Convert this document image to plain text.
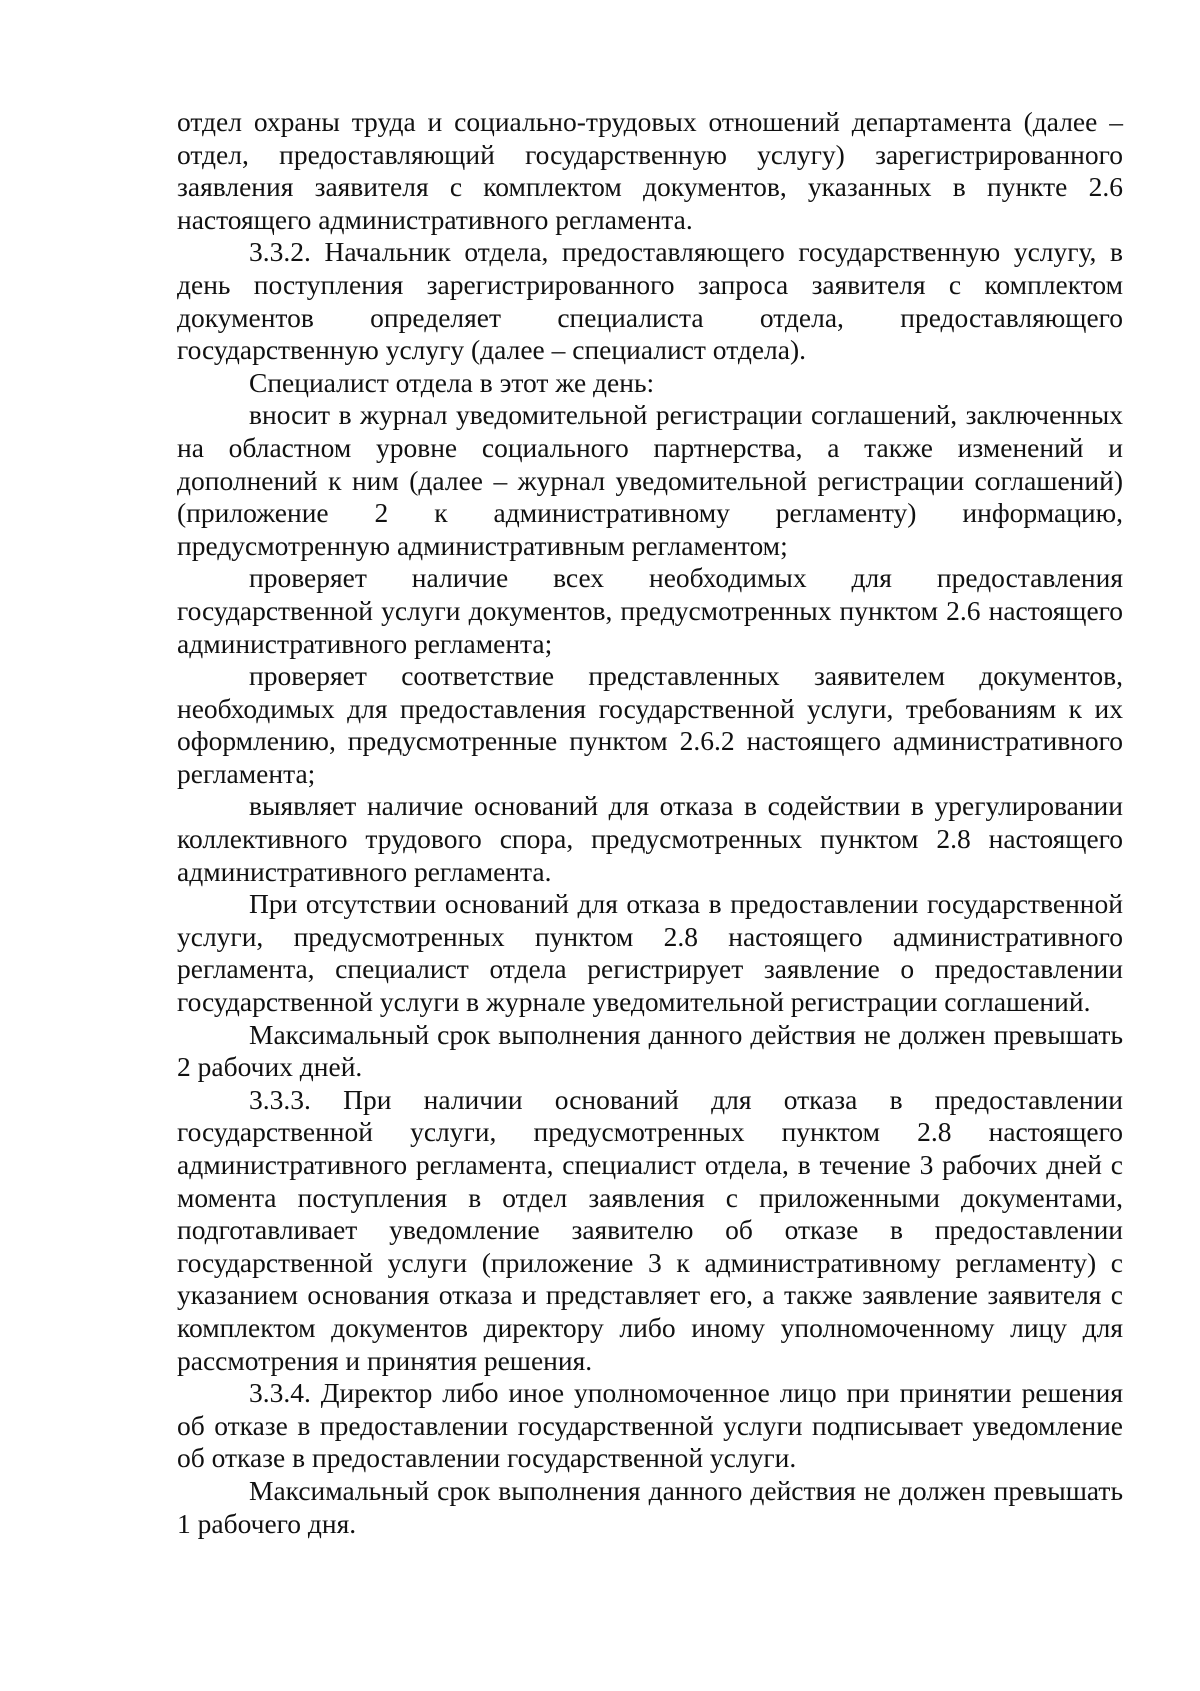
отдел охраны труда и социально-трудовых отношений департамента (далее – отдел, предоставляющий государственную услугу) зарегистрированного заявления заявителя с комплектом документов, указанных в пункте 2.6 настоящего административного регламента.

3.3.2. Начальник отдела, предоставляющего государственную услугу, в день поступления зарегистрированного запроса заявителя с комплектом документов определяет специалиста отдела, предоставляющего государственную услугу (далее – специалист отдела).

Специалист отдела в этот же день:

вносит в журнал уведомительной регистрации соглашений, заключенных на областном уровне социального партнерства, а также изменений и дополнений к ним (далее – журнал уведомительной регистрации соглашений) (приложение 2 к административному регламенту) информацию, предусмотренную административным регламентом;

проверяет наличие всех необходимых для предоставления государственной услуги документов, предусмотренных пунктом 2.6 настоящего административного регламента;

проверяет соответствие представленных заявителем документов, необходимых для предоставления государственной услуги, требованиям к их оформлению, предусмотренные пунктом 2.6.2 настоящего административного регламента;

выявляет наличие оснований для отказа в содействии в урегулировании коллективного трудового спора, предусмотренных пунктом 2.8 настоящего административного регламента.

При отсутствии оснований для отказа в предоставлении государственной услуги, предусмотренных пунктом 2.8 настоящего административного регламента, специалист отдела регистрирует заявление о предоставлении государственной услуги в журнале уведомительной регистрации соглашений.

Максимальный срок выполнения данного действия не должен превышать 2 рабочих дней.

3.3.3. При наличии оснований для отказа в предоставлении государственной услуги, предусмотренных пунктом 2.8 настоящего административного регламента, специалист отдела, в течение 3 рабочих дней с момента поступления в отдел заявления с приложенными документами, подготавливает уведомление заявителю об отказе в предоставлении государственной услуги (приложение 3 к административному регламенту) с указанием основания отказа и представляет его, а также заявление заявителя с комплектом документов директору либо иному уполномоченному лицу для рассмотрения и принятия решения.

3.3.4. Директор либо иное уполномоченное лицо при принятии решения об отказе в предоставлении государственной услуги подписывает уведомление об отказе в предоставлении государственной услуги.

Максимальный срок выполнения данного действия не должен превышать 1 рабочего дня.
